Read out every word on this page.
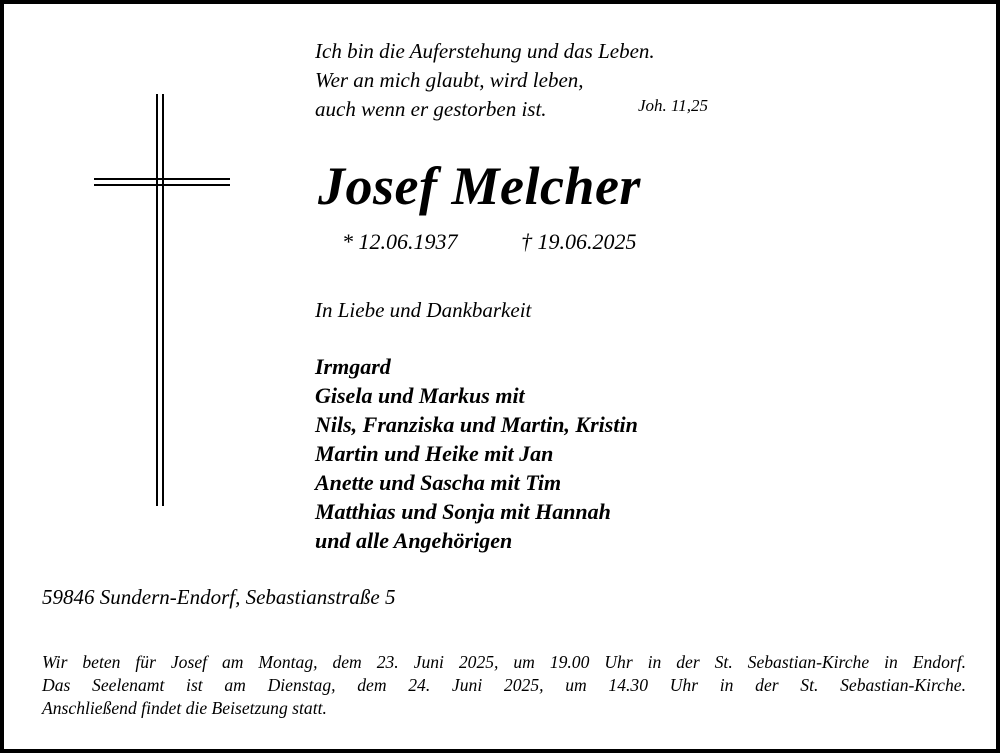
Ich bin die Auferstehung und das Leben.
Wer an mich glaubt, wird leben,
auch wenn er gestorben ist.	Joh. 11,25
Josef Melcher
* 12.06.1937	† 19.06.2025
In Liebe und Dankbarkeit
Irmgard
Gisela und Markus mit
Nils, Franziska und Martin, Kristin
Martin und Heike mit Jan
Anette und Sascha mit Tim
Matthias und Sonja mit Hannah
und alle Angehörigen
59846 Sundern-Endorf, Sebastianstraße 5
Wir beten für Josef am Montag, dem 23. Juni 2025, um 19.00 Uhr in der St. Sebastian-Kirche in Endorf.
Das Seelenamt ist am Dienstag, dem 24. Juni 2025, um 14.30 Uhr in der St. Sebastian-Kirche.
Anschließend findet die Beisetzung statt.
